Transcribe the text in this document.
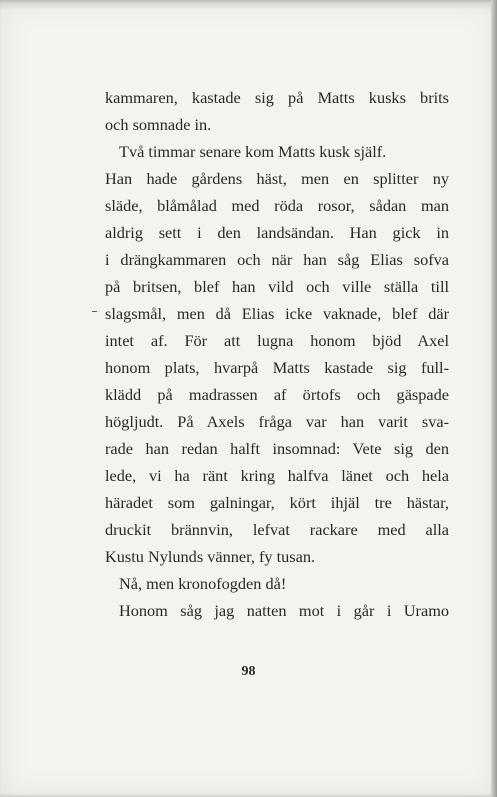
kammaren, kastade sig på Matts kusks brits
och somnade in.
Två timmar senare kom Matts kusk själf.
Han hade gårdens häst, men en splitter ny
släde, blåmålad med röda rosor, sådan man
aldrig sett i den landsändan. Han gick in
i drängkammaren och när han såg Elias sofva
på britsen, blef han vild och ville ställa till
slagsmål, men då Elias icke vaknade, blef där
intet af. För att lugna honom bjöd Axel
honom plats, hvarpå Matts kastade sig full-
klädd på madrassen af örtofs och gäspade
högljudt. På Axels fråga var han varit sva-
rade han redan halft insomnad: Vete sig den
lede, vi ha ränt kring halfva länet och hela
häradet som galningar, kört ihjäl tre hästar,
druckit brännvin, lefvat rackare med alla
Kustu Nylunds vänner, fy tusan.
Nå, men kronofogden då!
Honom såg jag natten mot i går i Uramo
98
